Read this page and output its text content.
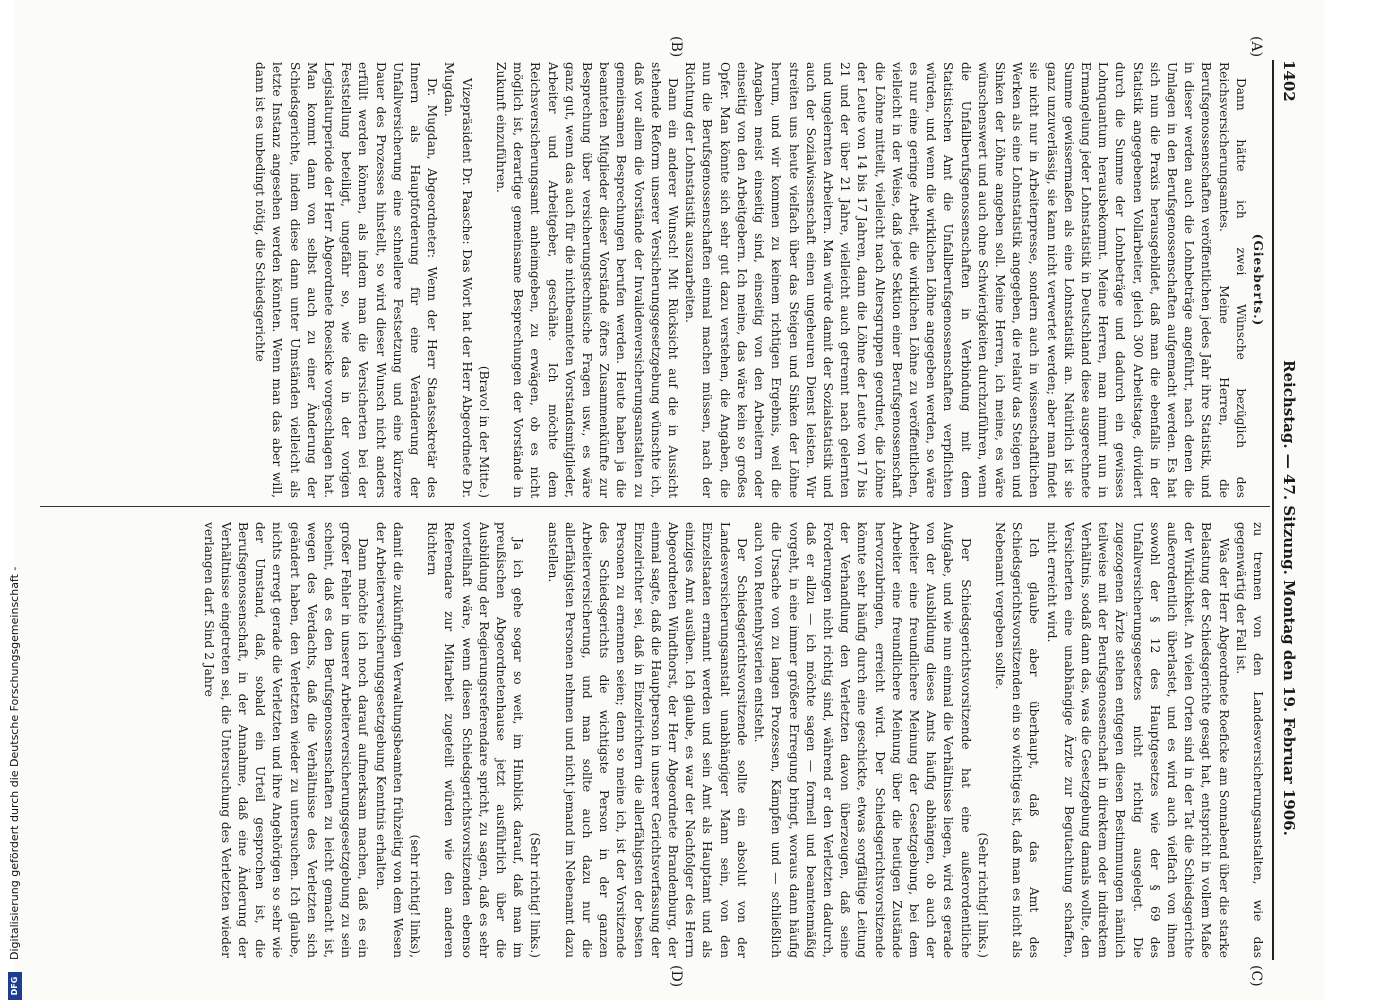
1402
Reichstag. — 47. Sitzung.
Montag den 19. Februar 1906.
(A)
(B)
(C)
(D)

(Giesberts.)

Dann hätte ich zwei Wünsche bezüglich des Reichsversicherungsamtes. Meine Herren, die Berufsgenossenschaften veröffentlichen jedes Jahr ihre Statistik, und in dieser werden auch die Lohnbeträge angeführt, nach denen die Umlagen in den Berufsgenossenschaften aufgemacht werden. Es hat sich nun die Praxis herausgebildet, daß man die ebenfalls in der Statistik angegebenen Vollarbeiter, gleich 300 Arbeitstage, dividiert durch die Summe der Lohnbeträge und dadurch ein gewisses Lohnquantum herausbekommt. Meine Herren, man nimmt nun in Ermangelung jeder Lohnstatistik in Deutschland diese ausgerechnete Summe gewissermaßen als eine Lohnstatistik an. Natürlich ist sie ganz unzuverlässig, sie kann nicht verwertet werden; aber man findet sie nicht nur in Arbeiterpresse, sondern auch in wissenschaftlichen Werken als eine Lohnstatistik angegeben, die relativ das Steigen und Sinken der Löhne angeben soll. Meine Herren, ich meine, es wäre wünschenswert und auch ohne Schwierigkeiten durchzuführen, wenn die Unfallberufsgenossenschaften in Verbindung mit dem Statistischen Amt die Unfallberufsgenossenschaften verpflichten würden, und wenn die wirklichen Löhne angegeben werden, so wäre es nur eine geringe Arbeit, die wirklichen Löhne zu veröffentlichen, vielleicht in der Weise, daß jede Sektion einer Berufsgenossenschaft die Löhne mitteilt, vielleicht nach Altersgruppen geordnet, die Löhne der Leute von 14 bis 17 Jahren, dann die Löhne der Leute von 17 bis 21 und der über 21 Jahre, vielleicht auch getrennt nach gelernten und ungelernten Arbeitern. Man würde damit der Sozialstatistik und auch der Sozialwissenschaft einen ungeheuren Dienst leisten. Wir streiten uns heute vielfach über das Steigen und Sinken der Löhne herum, und wir kommen zu keinem richtigen Ergebnis, weil die Angaben meist einseitig sind, einseitig von den Arbeitern oder einseitig von den Arbeitgebern. Ich meine, das wäre kein so großes Opfer. Man könnte sich sehr gut dazu verstehen, die Angaben, die nun die Berufsgenossenschaften einmal machen müssen, nach der Richtung der Lohnstatistik auszuarbeiten.

Dann ein anderer Wunsch! Mit Rücksicht auf die in Aussicht stehende Reform unserer Versicherungsgesetzgebung wünschte ich, daß vor allem die Vorstände der Invalidenversicherungsanstalten zu gemeinsamen Besprechungen berufen werden. Heute haben ja die beamteten Mitglieder dieser Vorstände öfters Zusammenkünfte zur Besprechung über versicherungstechnische Fragen usw., es wäre ganz gut, wenn das auch für die nichtbeamteten Vorstandsmitglieder, Arbeiter und Arbeitgeber, geschähe. Ich möchte dem Reichsversicherungsamt anheimgeben, zu erwägen, ob es nicht möglich ist, derartige gemeinsame Besprechungen der Vorstände in Zukunft einzuführen.

(Bravo! in der Mitte.)

Vizepräsident Dr. Paasche: Das Wort hat der Herr Abgeordnete Dr. Mugdan.

Dr. Mugdan, Abgeordneter: Wenn der Herr Staatssekretär des Innern als Hauptforderung für eine Veränderung der Unfallversicherung eine schnellere Festsetzung und eine kürzere Dauer des Prozesses hinstellt, so wird dieser Wunsch nicht anders erfüllt werden können, als indem man die Versicherten bei der Feststellung beteiligt, ungefähr so, wie das in der vorigen Legislaturperiode der Herr Abgeordnete Roesicke vorgeschlagen hat. Man kommt dann von selbst auch zu einer Änderung der Schiedsgerichte, indem diese dann unter Umständen vielleicht als letzte Instanz angesehen werden könnten. Wenn man das aber will, dann ist es unbedingt nötig, die Schiedsgerichte

zu trennen von den Landesversicherungsanstalten, wie das gegenwärtig der Fall ist.

Was der Herr Abgeordnete Roeficke am Sonnabend über die starke Belastung der Schiedsgerichte gesagt hat, entspricht in vollem Maße der Wirklichkeit. An vielen Orten sind in der Tat die Schiedsgerichte außerordentlich überlastet, und es wird auch vielfach von ihnen sowohl der § 12 des Hauptgesetzes wie der § 69 des Unfallversicherungsgesetzes nicht richtig ausgelegt. Die zugezogenen Ärzte stehen entgegen diesen Bestimmungen nämlich teilweise mit der Berufsgenossenschaft in direktem oder indirektem Verhältnis, sodaß dann das, was die Gesetzgebung damals wollte, den Versicherten eine unabhängige Ärzte zur Begutachtung schaffen, nicht erreicht wird.

Ich glaube aber überhaupt, daß das Amt des Schiedsgerichtsvorsitzenden ein so wichtiges ist, daß man es nicht als Nebenamt vergeben sollte.

(Sehr richtig! links.)

Der Schiedsgerichtsvorsitzende hat eine außerordentliche Aufgabe, und wie nun einmal die Verhältnisse liegen, wird es gerade von der Ausbildung dieses Amts häufig abhängen, ob auch der Arbeiter eine freundlichere Meinung der Gesetzgebung, bei dem Arbeiter eine freundlichere Meinung über die heutigen Zustände hervorzubringen, erreicht wird. Der Schiedsgerichtsvorsitzende könnte sehr häufig durch eine geschickte, etwas sorgfältige Leitung der Verhandlung den Verletzten davon überzeugen, daß seine Forderungen nicht richtig sind, während er den Verletzten dadurch, daß er allzu — ich möchte sagen — formell und beamtenmäßig vorgeht, in eine immer größere Erregung bringt, woraus dann häufig die Ursache von zu langen Prozessen, Kämpfen und — schließlich auch von Rentenhysterien entsteht.

Der Schiedsgerichtsvorsitzende sollte ein absolut von der Landesversicherungsanstalt unabhängiger Mann sein, von den Einzelstaaten ernannt werden und sein Amt als Hauptamt und als einziges Amt ausüben. Ich glaube, es war der Nachfolger des Herrn Abgeordneten Windthorst, der Herr Abgeordnete Brandenburg, der einmal sagte, daß die Hauptperson in unserer Gerichtsverfassung der Einzelrichter sei, daß in Einzelrichtern die allerfähigsten der besten Personen zu ernennen seien; denn so meine ich, ist der Vorsitzende des Schiedsgerichts die wichtigste Person in der ganzen Arbeiterversicherung, und man sollte auch dazu nur die allerfähigsten Personen nehmen und nicht jemand im Nebenamt dazu anstellen.

(Sehr richtig! links.)

Ja ich gehe sogar so weit, im Hinblick darauf, daß man im preußischen Abgeordnetenhause jetzt ausführlich über die Ausbildung der Regierungsreferendare spricht, zu sagen, daß es sehr vorteilhaft wäre, wenn diesen Schiedsgerichtsvorsitzenden ebenso Referendare zur Mitarbeit zugeteilt würden wie den anderen Richtern

(sehr richtig! links),

damit die zukünftigen Verwaltungsbeamten frühzeitig von dem Wesen der Arbeiterversicherungsgesetzgebung Kenntnis erhalten.

Dann möchte ich noch darauf aufmerksam machen, daß es ein großer Fehler in unserer Arbeiterversicherungsgesetzgebung zu sein scheint, daß es den Berufsgenossenschaften zu leicht gemacht ist, wegen des Verdachts, daß die Verhältnisse des Verletzten sich geändert haben, den Verletzten wieder zu untersuchen. Ich glaube, nichts erregt gerade die Verletzten und ihre Angehörigen so sehr wie der Umstand, daß, sobald ein Urteil gesprochen ist, die Berufsgenossenschaft, in der Annahme, daß eine Änderung der Verhältnisse eingetreten sei, die Untersuchung des Verletzten wieder verlangen darf. Sind 2 Jahre

DFG
Digitalisierung gefördert durch die Deutsche Forschungsgemeinschaft -
